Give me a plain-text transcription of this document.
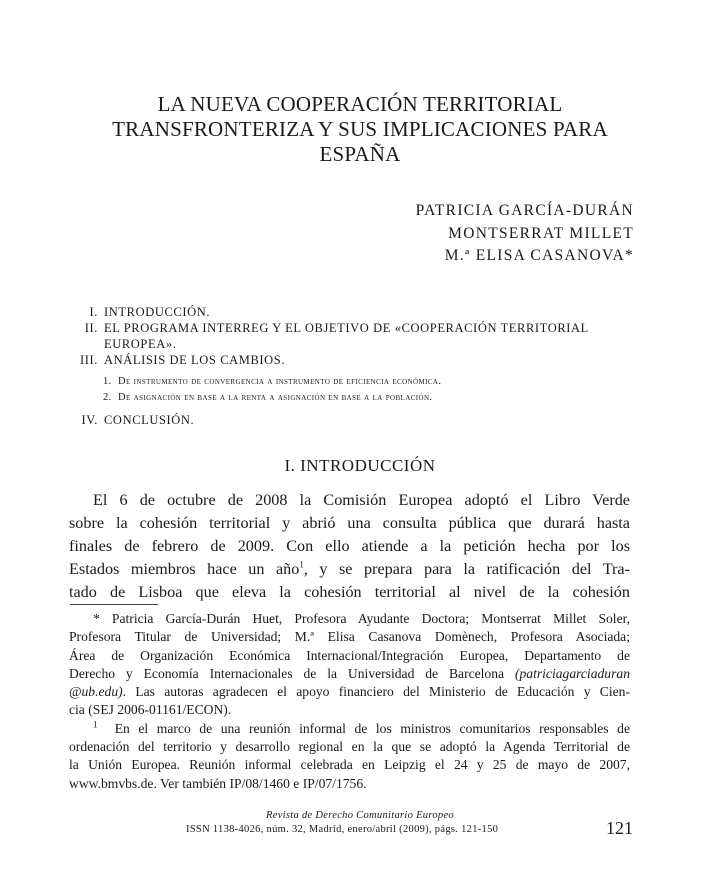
LA NUEVA COOPERACIÓN TERRITORIAL
TRANSFRONTERIZA Y SUS IMPLICACIONES PARA
ESPAÑA
PATRICIA GARCÍA-DURÁN
MONTSERRAT MILLET
M.ª ELISA CASANOVA*
I. INTRODUCCIÓN.
II. EL PROGRAMA INTERREG Y EL OBJETIVO DE «COOPERACIÓN TERRITORIAL
EUROPEA».
III. ANÁLISIS DE LOS CAMBIOS.
1. De instrumento de convergencia a instrumento de eficiencia económica.
2. De asignación en base a la renta a asignación en base a la población.
IV. CONCLUSIÓN.
I. INTRODUCCIÓN
El 6 de octubre de 2008 la Comisión Europea adoptó el Libro Verde
sobre la cohesión territorial y abrió una consulta pública que durará hasta
finales de febrero de 2009. Con ello atiende a la petición hecha por los
Estados miembros hace un año$^1$, y se prepara para la ratificación del Tra-
tado de Lisboa que eleva la cohesión territorial al nivel de la cohesión
* Patricia García-Durán Huet, Profesora Ayudante Doctora; Montserrat Millet Soler,
Profesora Titular de Universidad; M.ª Elisa Casanova Domènech, Profesora Asociada;
Área de Organización Económica Internacional/Integración Europea, Departamento de
Derecho y Economía Internacionales de la Universidad de Barcelona (patriciagarciaduran
@ub.edu). Las autoras agradecen el apoyo financiero del Ministerio de Educación y Cien-
cia (SEJ 2006-01161/ECON).
$^1$ En el marco de una reunión informal de los ministros comunitarios responsables de
ordenación del territorio y desarrollo regional en la que se adoptó la Agenda Territorial de
la Unión Europea. Reunión informal celebrada en Leipzig el 24 y 25 de mayo de 2007,
www.bmvbs.de. Ver también IP/08/1460 e IP/07/1756.
Revista de Derecho Comunitario Europeo
ISSN 1138-4026, núm. 32, Madrid, enero/abril (2009), págs. 121-150	121
